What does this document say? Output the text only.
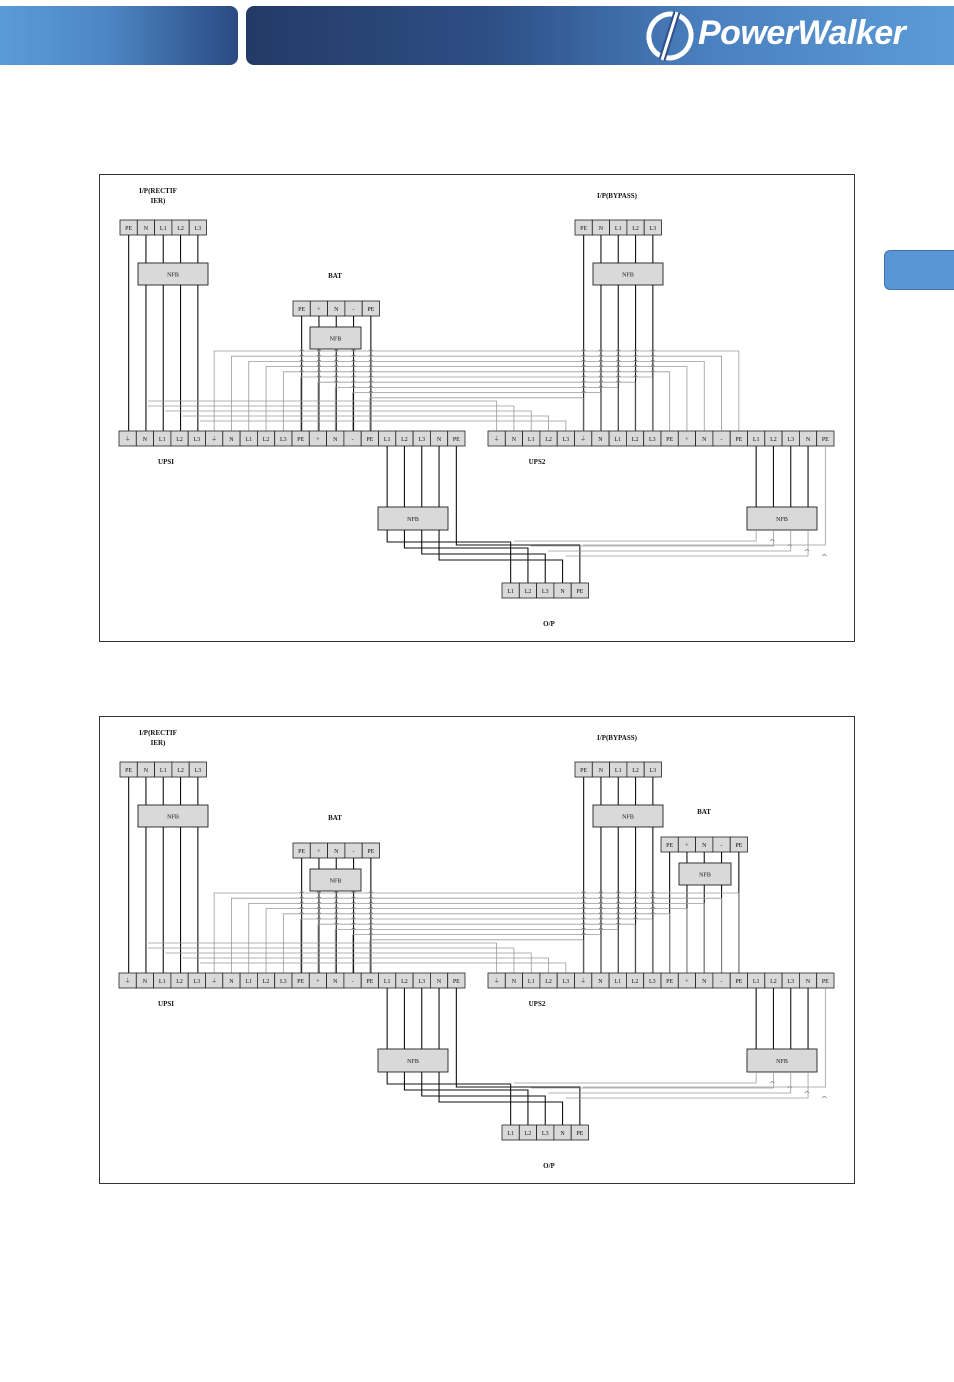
PowerWalker
I/P(RECTIF
IER)
I/P(BYPASS)
BAT
UPSI	UPS2
O/P
PE N L1 L2 L3
NFB
PE N L1 L2 L3
NFB
PE + N - PE
NFB
⏚ N L1 L2 L3 ⏚ N L1 L2 L3 PE + N - PE L1 L2 L3 N PE	⏚ N L1 L2 L3 ⏚ N L1 L2 L3 PE + N - PE L1 L2 L3 N PE
NFB	NFB
L1 L2 L3 N PE
I/P(RECTIF
IER)
I/P(BYPASS)
BAT
UPSI	UPS2
O/P
PE N L1 L2 L3
NFB
PE N L1 L2 L3
NFB
PE + N - PE
NFB
BAT
PE + N - PE
NFB
⏚ N L1 L2 L3 ⏚ N L1 L2 L3 PE + N - PE L1 L2 L3 N PE	⏚ N L1 L2 L3 ⏚ N L1 L2 L3 PE + N - PE L1 L2 L3 N PE
NFB	NFB
L1 L2 L3 N PE
